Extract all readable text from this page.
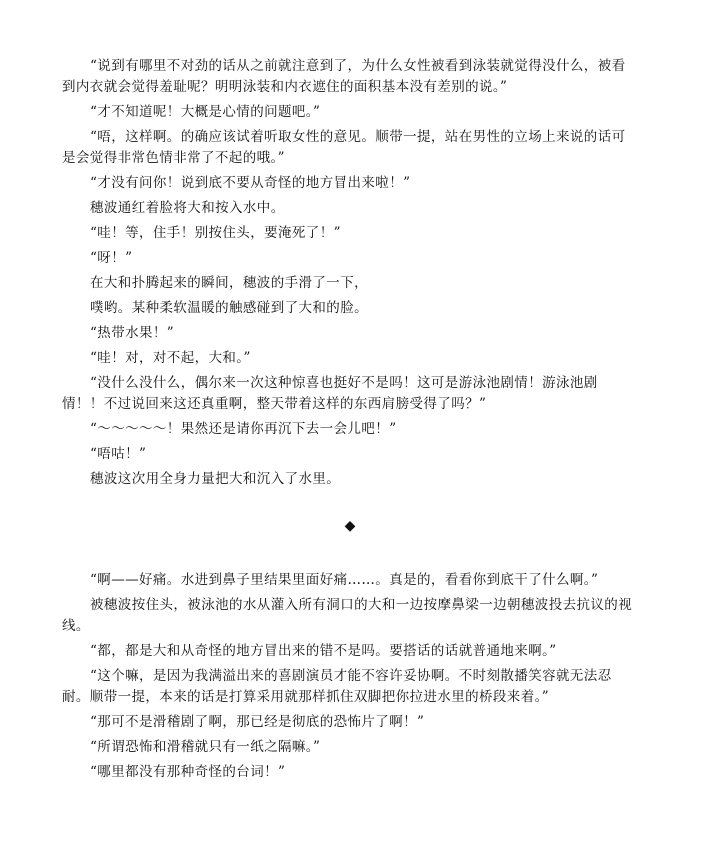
“说到有哪里不对劲的话从之前就注意到了，为什么女性被看到泳装就觉得没什么，被看到内衣就会觉得羞耻呢？明明泳装和内衣遮住的面积基本没有差别的说。”

“才不知道呢！大概是心情的问题吧。”

“唔，这样啊。的确应该试着听取女性的意见。顺带一提，站在男性的立场上来说的话可是会觉得非常色情非常了不起的哦。”

“才没有问你！说到底不要从奇怪的地方冒出来啦！”

穗波通红着脸将大和按入水中。

“哇！等，住手！别按住头，要淹死了！”

“呀！”

在大和扑腾起来的瞬间，穗波的手滑了一下，

噗哟。某种柔软温暖的触感碰到了大和的脸。

“热带水果！”

“哇！对，对不起，大和。”

“没什么没什么，偶尔来一次这种惊喜也挺好不是吗！这可是游泳池剧情！游泳池剧情！！不过说回来这还真重啊，整天带着这样的东西肩膀受得了吗？”

“～～～～～！果然还是请你再沉下去一会儿吧！”

“唔咕！”

穗波这次用全身力量把大和沉入了水里。

◆

“啊——好痛。水进到鼻子里结果里面好痛……。真是的，看看你到底干了什么啊。”

被穗波按住头，被泳池的水从灌入所有洞口的大和一边按摩鼻梁一边朝穗波投去抗议的视线。

“都，都是大和从奇怪的地方冒出来的错不是吗。要搭话的话就普通地来啊。”

“这个嘛，是因为我满溢出来的喜剧演员才能不容许妥协啊。不时刻散播笑容就无法忍耐。顺带一提，本来的话是打算采用就那样抓住双脚把你拉进水里的桥段来着。”

“那可不是滑稽剧了啊，那已经是彻底的恐怖片了啊！”

“所谓恐怖和滑稽就只有一纸之隔嘛。”

“哪里都没有那种奇怪的台词！”
